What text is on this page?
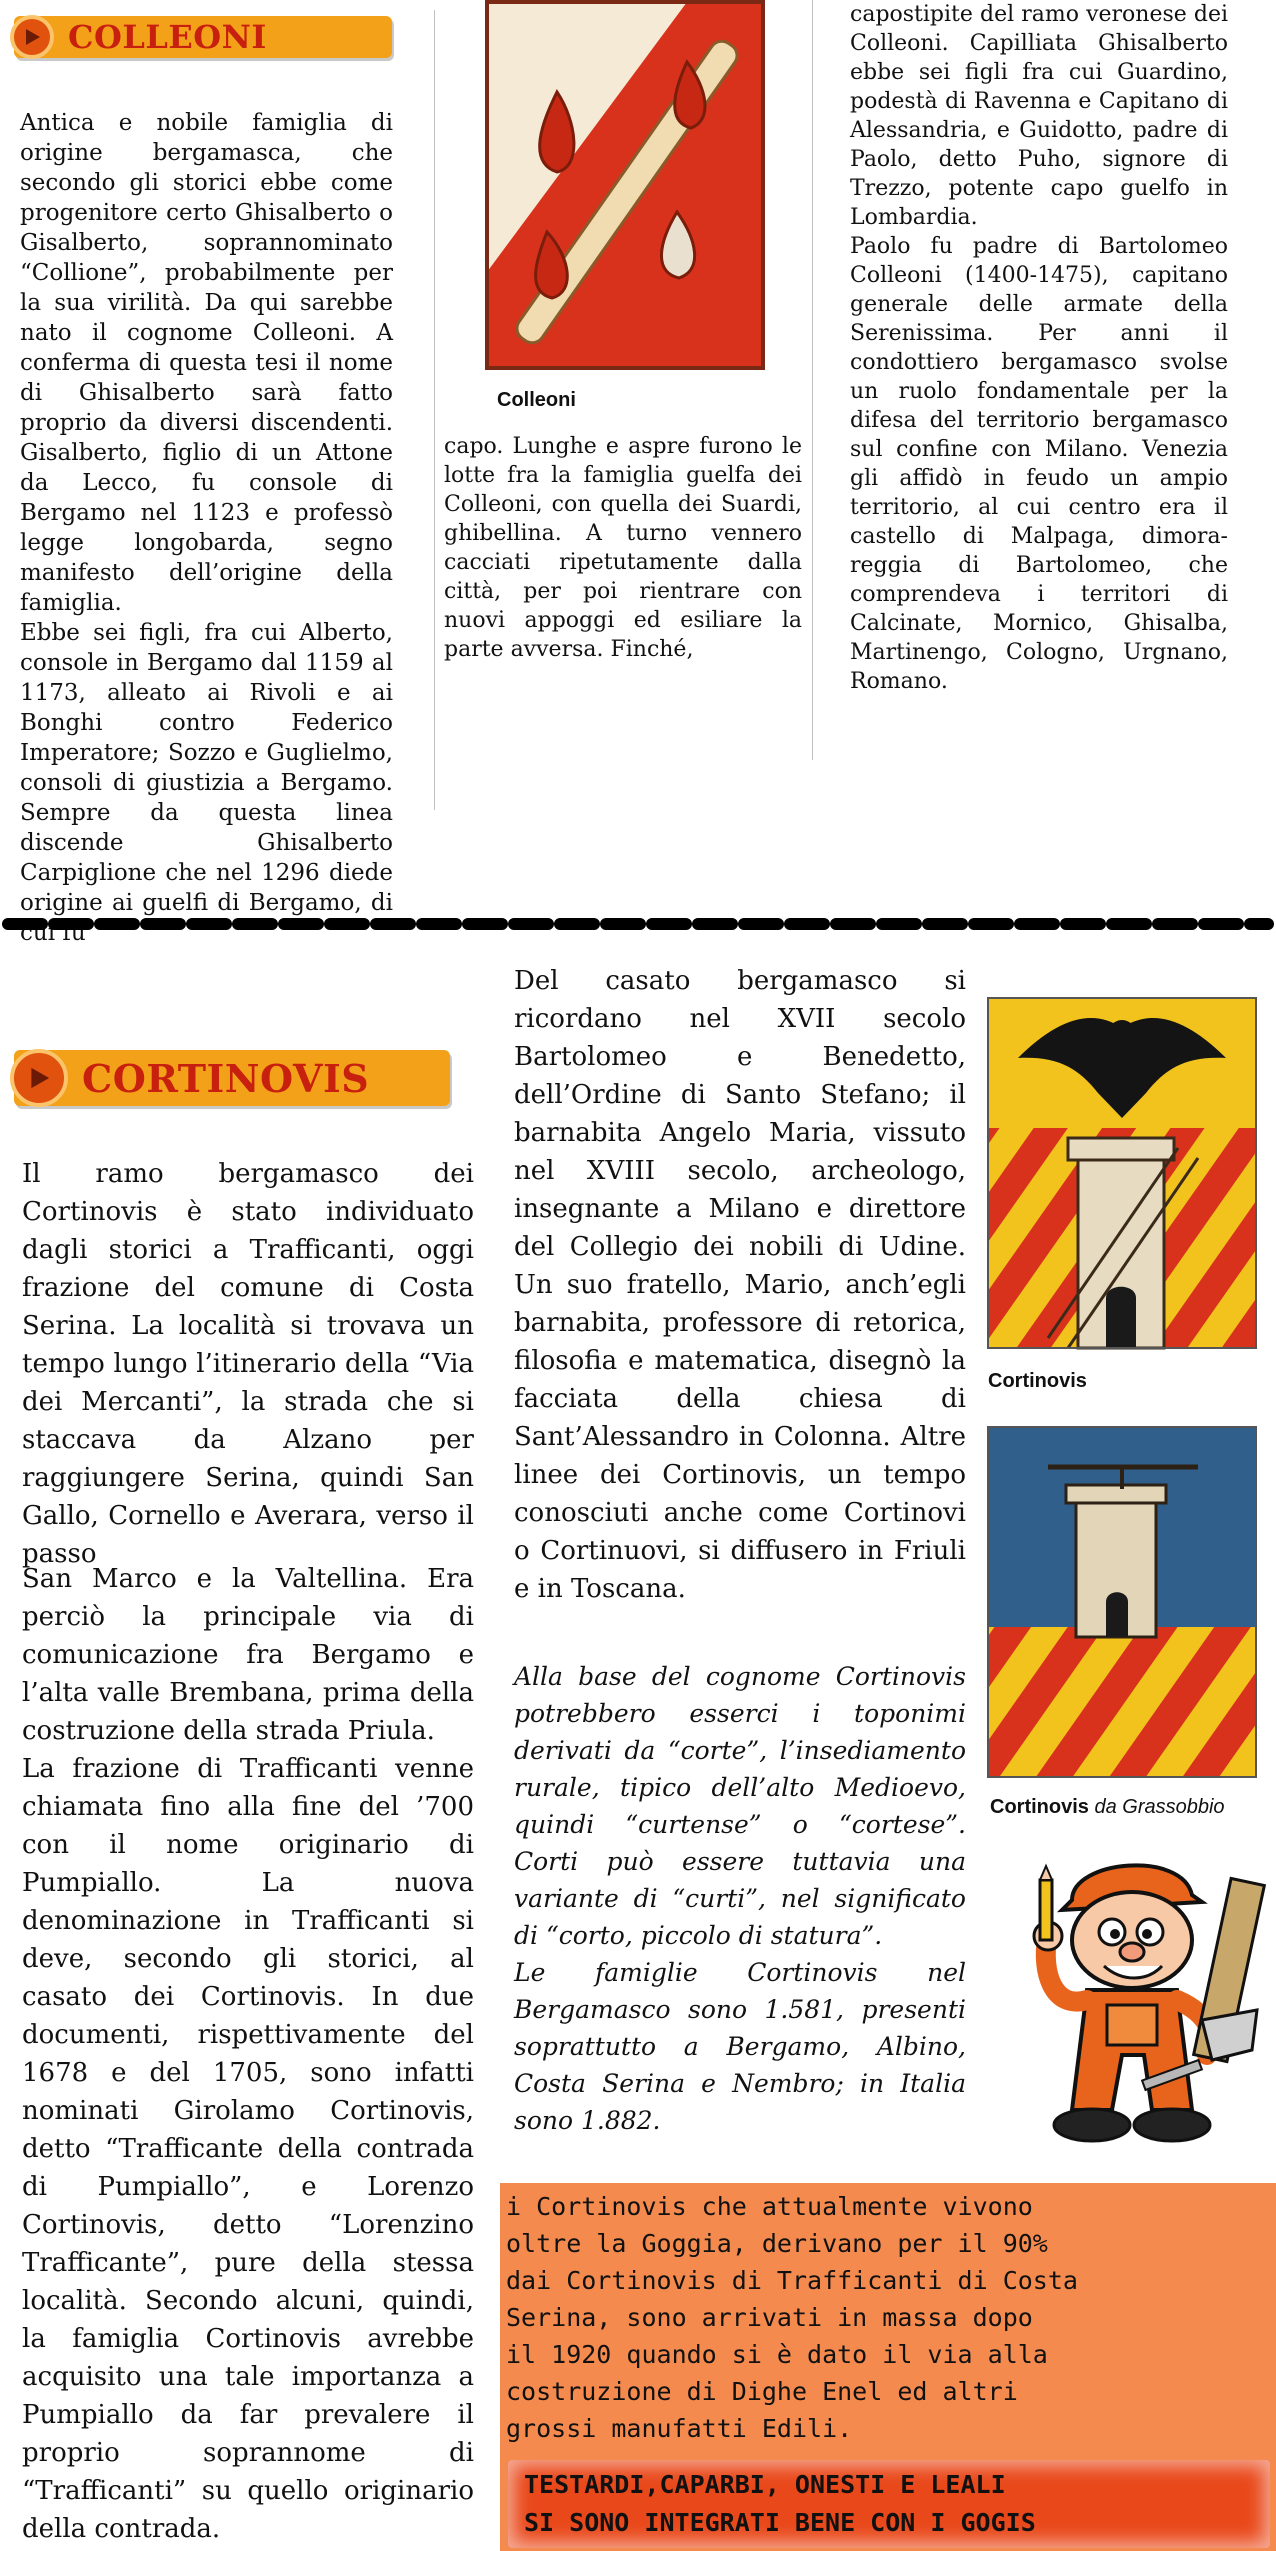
COLLEONI

Antica e nobile famiglia di origine bergamasca, che secondo gli storici ebbe come progenitore certo Ghisalberto o Gisalberto, soprannominato “Collione”, probabilmente per la sua virilità. Da qui sarebbe nato il cognome Colleoni. A conferma di questa tesi il nome di Ghisalberto sarà fatto proprio da diversi discendenti. Gisalberto, figlio di un Attone da Lecco, fu console di Bergamo nel 1123 e professò legge longobarda, segno manifesto dell’origine della famiglia.
Ebbe sei figli, fra cui Alberto, console in Bergamo dal 1159 al 1173, alleato ai Rivoli e ai Bonghi contro Federico Imperatore; Sozzo e Guglielmo, consoli di giustizia a Bergamo. Sempre da questa linea discende Ghisalberto Carpiglione che nel 1296 diede origine ai guelfi di Bergamo, di cui fu

Colleoni

capo. Lunghe e aspre furono le lotte fra la famiglia guelfa dei Colleoni, con quella dei Suardi, ghibellina. A turno vennero cacciati ripetutamente dalla città, per poi rientrare con nuovi appoggi ed esiliare la parte avversa. Finché,

capostipite del ramo veronese dei Colleoni. Capilliata Ghisalberto ebbe sei figli fra cui Guardino, podestà di Ravenna e Capitano di Alessandria, e Guidotto, padre di Paolo, detto Puho, signore di Trezzo, potente capo guelfo in Lombardia.
Paolo fu padre di Bartolomeo Colleoni (1400-1475), capitano generale delle armate della Serenissima. Per anni il condottiero bergamasco svolse un ruolo fondamentale per la difesa del territorio bergamasco sul confine con Milano. Venezia gli affidò in feudo un ampio territorio, al cui centro era il castello di Malpaga, dimora-reggia di Bartolomeo, che comprendeva i territori di Calcinate, Mornico, Ghisalba, Martinengo, Cologno, Urgnano, Romano.

CORTINOVIS

Il ramo bergamasco dei Cortinovis è stato individuato dagli storici a Trafficanti, oggi frazione del comune di Costa Serina. La località si trovava un tempo lungo l’itinerario della “Via dei Mercanti”, la strada che si staccava da Alzano per raggiungere Serina, quindi San Gallo, Cornello e Averara, verso il passo

San Marco e la Valtellina. Era perciò la principale via di comunicazione fra Bergamo e l’alta valle Brembana, prima della costruzione della strada Priula.
La frazione di Trafficanti venne chiamata fino alla fine del ’700 con il nome originario di Pumpiallo. La nuova denominazione in Trafficanti si deve, secondo gli storici, al casato dei Cortinovis. In due documenti, rispettivamente del 1678 e del 1705, sono infatti nominati Girolamo Cortinovis, detto “Trafficante della contrada di Pumpiallo”, e Lorenzo Cortinovis, detto “Lorenzino Trafficante”, pure della stessa località. Secondo alcuni, quindi, la famiglia Cortinovis avrebbe acquisito una tale importanza a Pumpiallo da far prevalere il proprio soprannome di “Trafficanti” su quello originario della contrada.

Del casato bergamasco si ricordano nel XVII secolo Bartolomeo e Benedetto, dell’Ordine di Santo Stefano; il barnabita Angelo Maria, vissuto nel XVIII secolo, archeologo, insegnante a Milano e direttore del Collegio dei nobili di Udine. Un suo fratello, Mario, anch’egli barnabita, professore di retorica, filosofia e matematica, disegnò la facciata della chiesa di Sant’Alessandro in Colonna. Altre linee dei Cortinovis, un tempo conosciuti anche come Cortinovi o Cortinuovi, si diffusero in Friuli e in Toscana.

Alla base del cognome Cortinovis potrebbero esserci i toponimi derivati da “corte”, l’insediamento rurale, tipico dell’alto Medioevo, quindi “curtense” o “cortese”. Corti può essere tuttavia una variante di “curti”, nel significato di “corto, piccolo di statura”.
Le famiglie Cortinovis nel Bergamasco sono 1.581, presenti soprattutto a Bergamo, Albino, Costa Serina e Nembro; in Italia sono 1.882.

Cortinovis
Cortinovis da Grassobbio

i Cortinovis che attualmente vivono
oltre la Goggia, derivano per il 90%
dai Cortinovis di Trafficanti di Costa
Serina, sono arrivati in massa dopo
il 1920 quando si è dato il via alla
costruzione di Dighe Enel ed altri
grossi manufatti Edili.

TESTARDI,CAPARBI, ONESTI E LEALI
SI SONO INTEGRATI BENE CON I GOGIS
